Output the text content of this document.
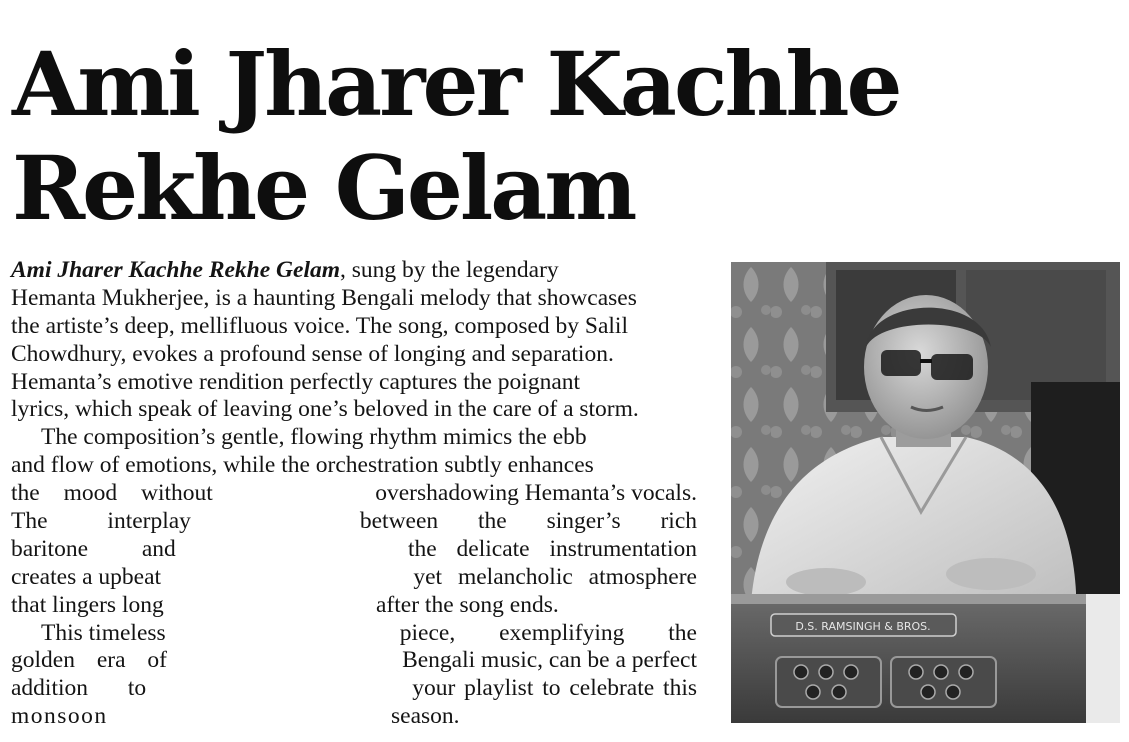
Ami Jharer Kachhe
Rekhe Gelam
Ami Jharer Kachhe Rekhe Gelam, sung by the legendary
Hemanta Mukherjee, is a haunting Bengali melody that showcases
the artiste’s deep, mellifluous voice. The song, composed by Salil
Chowdhury, evokes a profound sense of longing and separation.
Hemanta’s emotive rendition perfectly captures the poignant
lyrics, which speak of leaving one’s beloved in the care of a storm.
The composition’s gentle, flowing rhythm mimics the ebb
and flow of emotions, while the orchestration subtly enhances
the mood without	overshadowing Hemanta’s vocals.
The interplay	between the singer’s rich
baritone and	the delicate instrumentation
creates a upbeat	yet melancholic atmosphere
that lingers long	after the song ends.
This timeless	piece, exemplifying the
golden era of	Bengali music, can be a perfect
addition to	your playlist to celebrate this
monsoon	season.
D.S. RAMSINGH & BROS.
